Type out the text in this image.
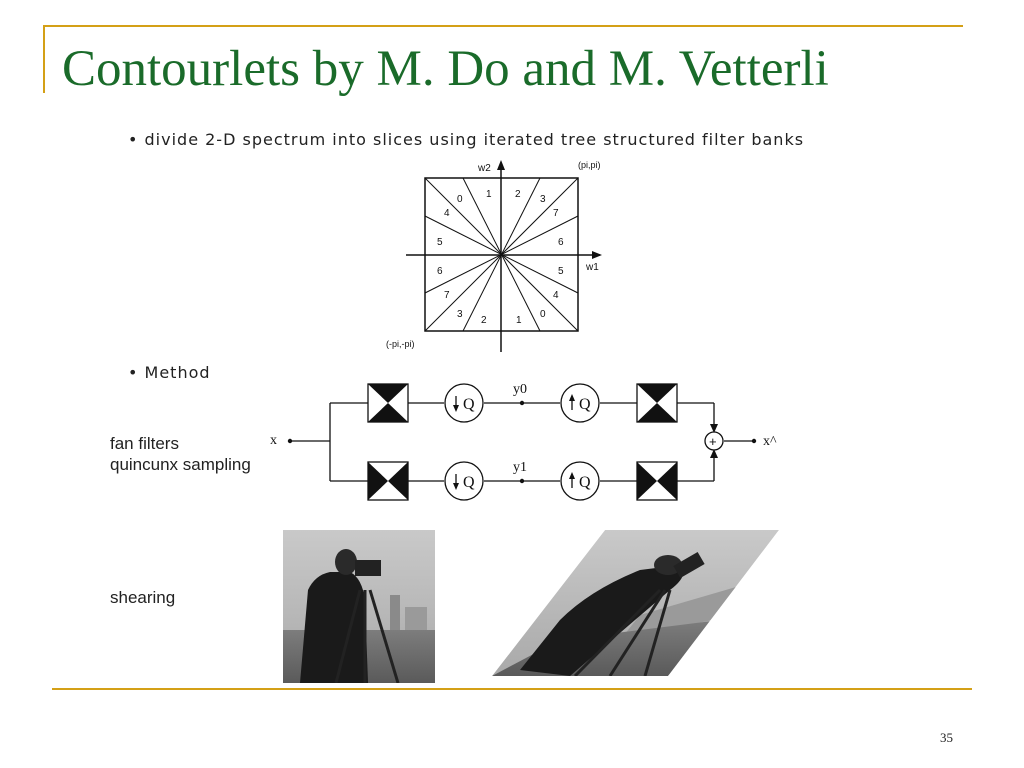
Contourlets by M. Do and M. Vetterli
• divide 2-D spectrum into slices using iterated tree structured filter banks
• Method
fan filters
quincunx sampling
shearing
w2
w1
(pi,pi)
(-pi,-pi)
0 1 2 3
4
5
6
7
0
1
2
3
4
5
6
7
Q
Q
Q
Q
+
x	x^
y0
y1
35
